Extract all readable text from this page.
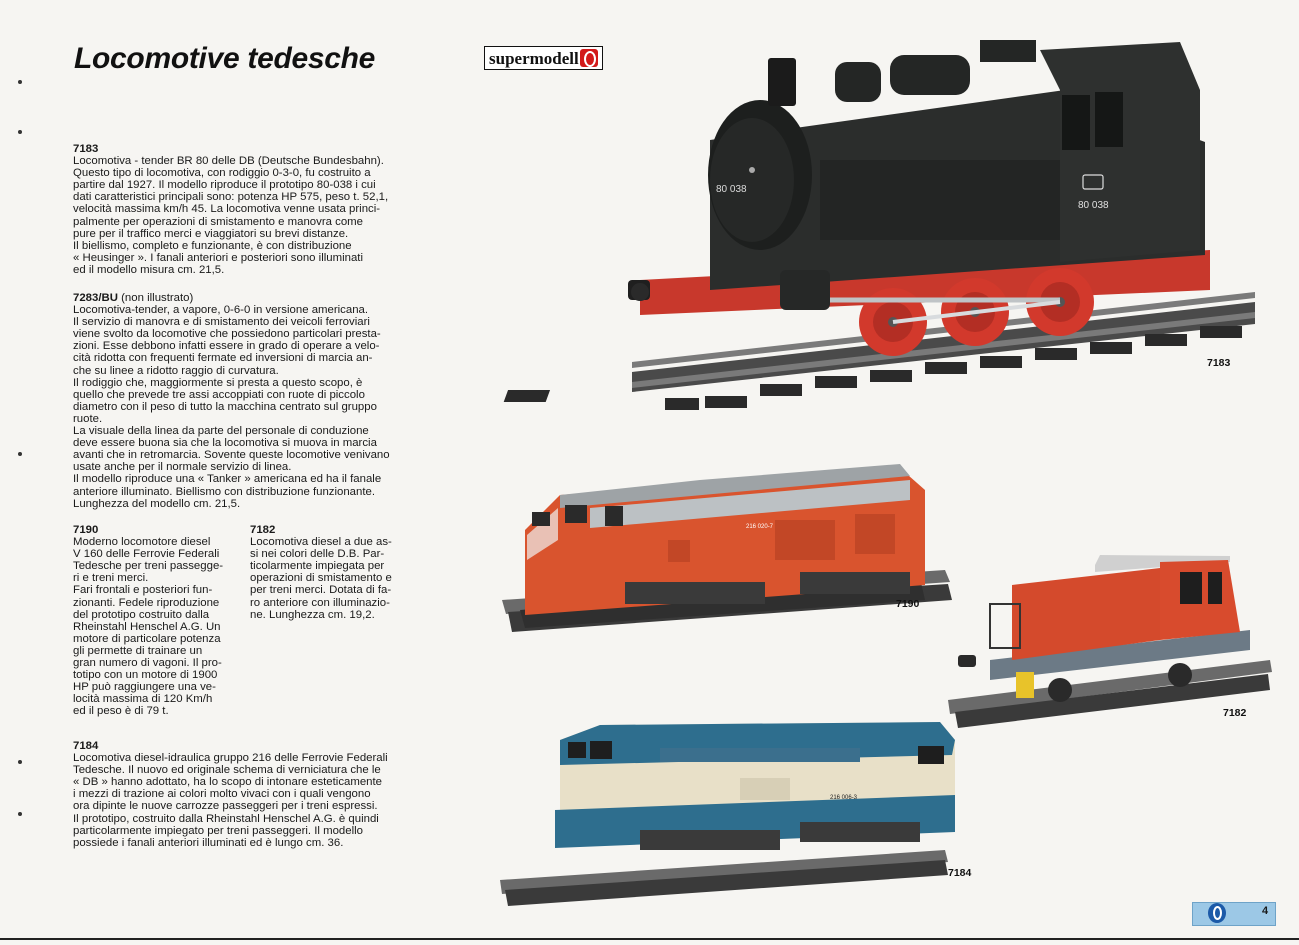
Locomotive tedesche	supermodell
7183
Locomotiva - tender BR 80 delle DB (Deutsche Bundesbahn).
Questo tipo di locomotiva, con rodiggio 0-3-0, fu costruito a
partire dal 1927. Il modello riproduce il prototipo 80-038 i cui
dati caratteristici principali sono: potenza HP 575, peso t. 52,1,
velocità massima km/h 45. La locomotiva venne usata princi-
palmente per operazioni di smistamento e manovra come
pure per il traffico merci e viaggiatori su brevi distanze.
Il biellismo, completo e funzionante, è con distribuzione
« Heusinger ». I fanali anteriori e posteriori sono illuminati
ed il modello misura cm. 21,5.
7283/BU (non illustrato)
Locomotiva-tender, a vapore, 0-6-0 in versione americana.
Il servizio di manovra e di smistamento dei veicoli ferroviari
viene svolto da locomotive che possiedono particolari presta-
zioni. Esse debbono infatti essere in grado di operare a velo-
cità ridotta con frequenti fermate ed inversioni di marcia an-
che su linee a ridotto raggio di curvatura.
Il rodiggio che, maggiormente si presta a questo scopo, è
quello che prevede tre assi accoppiati con ruote di piccolo
diametro con il peso di tutto la macchina centrato sul gruppo
ruote.
La visuale della linea da parte del personale di conduzione
deve essere buona sia che la locomotiva si muova in marcia
avanti che in retromarcia. Sovente queste locomotive venivano
usate anche per il normale servizio di linea.
Il modello riproduce una « Tanker » americana ed ha il fanale
anteriore illuminato. Biellismo con distribuzione funzionante.
Lunghezza del modello cm. 21,5.
7190
Moderno locomotore diesel
V 160 delle Ferrovie Federali
Tedesche per treni passegge-
ri e treni merci.
Fari frontali e posteriori fun-
zionanti. Fedele riproduzione
del prototipo costruito dalla
Rheinstahl Henschel A.G. Un
motore di particolare potenza
gli permette di trainare un
gran numero di vagoni. Il pro-
totipo con un motore di 1900
HP può raggiungere una ve-
locità massima di 120 Km/h
ed il peso è di 79 t.
7182
Locomotiva diesel a due as-
si nei colori delle D.B. Par-
ticolarmente impiegata per
operazioni di smistamento e
per treni merci. Dotata di fa-
ro anteriore con illuminazio-
ne. Lunghezza cm. 19,2.
7184
Locomotiva diesel-idraulica gruppo 216 delle Ferrovie Federali
Tedesche. Il nuovo ed originale schema di verniciatura che le
« DB » hanno adottato, ha lo scopo di intonare esteticamente
i mezzi di trazione ai colori molto vivaci con i quali vengono
ora dipinte le nuove carrozze passeggeri per i treni espressi.
Il prototipo, costruito dalla Rheinstahl Henschel A.G. è quindi
particolarmente impiegato per treni passeggeri. Il modello
possiede i fanali anteriori illuminati ed è lungo cm. 36.
80 038
80 038
7183
216 020-7
7190
7182
216 006-3
7184
4
